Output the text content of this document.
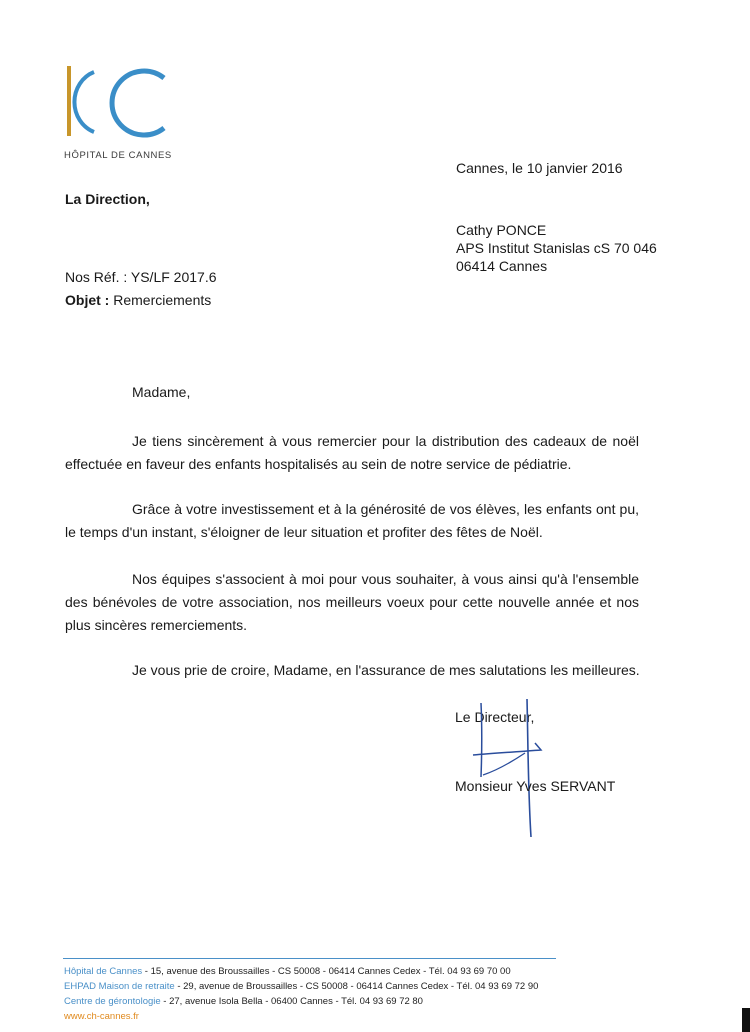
HÔPITAL DE CANNES
Cannes, le 10 janvier 2016
La Direction,
Cathy PONCE
APS Institut Stanislas cS 70 046
06414 Cannes
Nos Réf. : YS/LF 2017.6
Objet : Remerciements
Madame,
Je tiens sincèrement à vous remercier pour la distribution des cadeaux de noël effectuée en faveur des enfants hospitalisés au sein de notre service de pédiatrie.
Grâce à votre investissement et à la générosité de vos élèves, les enfants ont pu, le temps d'un instant, s'éloigner de leur situation et profiter des fêtes de Noël.
Nos équipes s'associent à moi pour vous souhaiter, à vous ainsi qu'à l'ensemble des bénévoles de votre association, nos meilleurs voeux pour cette nouvelle année et nos plus sincères remerciements.
Je vous prie de croire, Madame, en l'assurance de mes salutations les meilleures.
Le Directeur,
Monsieur Yves SERVANT
Hôpital de Cannes - 15, avenue des Broussailles - CS 50008 - 06414 Cannes Cedex - Tél. 04 93 69 70 00
EHPAD Maison de retraite - 29, avenue de Broussailles - CS 50008 - 06414 Cannes Cedex - Tél. 04 93 69 72 90
Centre de gérontologie - 27, avenue Isola Bella - 06400 Cannes - Tél. 04 93 69 72 80
www.ch-cannes.fr
